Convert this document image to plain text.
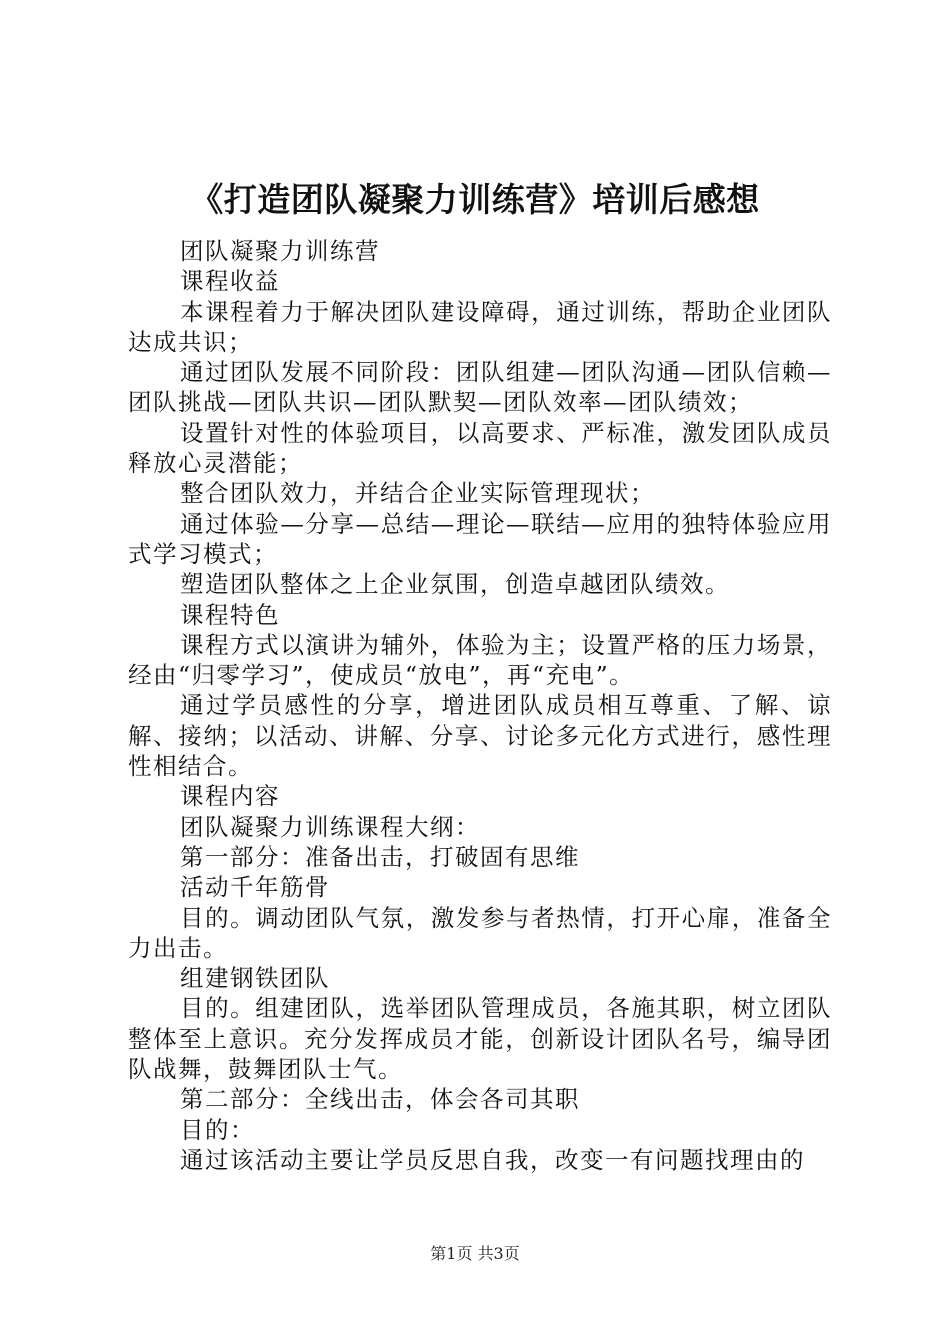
《打造团队凝聚力训练营》培训后感想

团队凝聚力训练营

课程收益

本课程着力于解决团队建设障碍，通过训练，帮助企业团队达成共识；

通过团队发展不同阶段：团队组建—团队沟通—团队信赖—团队挑战—团队共识—团队默契—团队效率—团队绩效；

设置针对性的体验项目，以高要求、严标准，激发团队成员释放心灵潜能；

整合团队效力，并结合企业实际管理现状；

通过体验—分享—总结—理论—联结—应用的独特体验应用式学习模式；

塑造团队整体之上企业氛围，创造卓越团队绩效。

课程特色

课程方式以演讲为辅外，体验为主；设置严格的压力场景，经由“归零学习”，使成员“放电”，再“充电”。

通过学员感性的分享，增进团队成员相互尊重、了解、谅解、接纳；以活动、讲解、分享、讨论多元化方式进行，感性理性相结合。

课程内容

团队凝聚力训练课程大纲：

第一部分：准备出击，打破固有思维

活动千年筋骨

目的。调动团队气氛，激发参与者热情，打开心扉，准备全力出击。

组建钢铁团队

目的。组建团队，选举团队管理成员，各施其职，树立团队整体至上意识。充分发挥成员才能，创新设计团队名号，编导团队战舞，鼓舞团队士气。

第二部分：全线出击，体会各司其职

目的：

通过该活动主要让学员反思自我，改变一有问题找理由的

第1页 共3页
